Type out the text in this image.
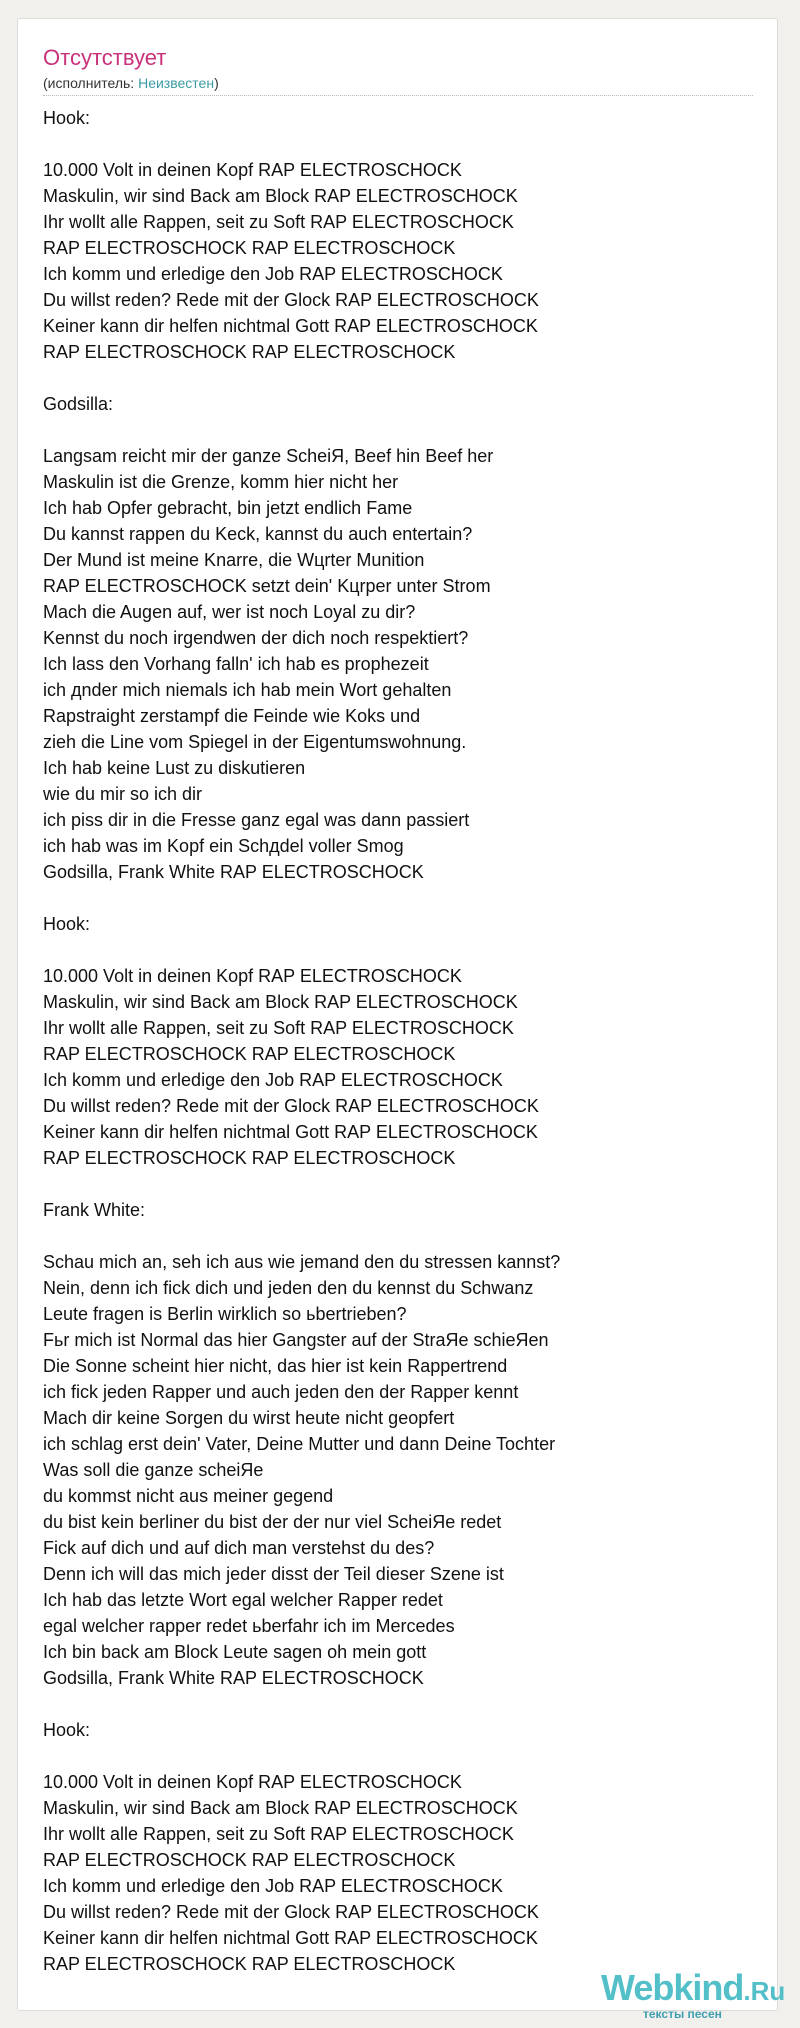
Отсутствует
(исполнитель: Неизвестен)
Hook:
10.000 Volt in deinen Kopf RAP ELECTROSCHOCK
Maskulin, wir sind Back am Block RAP ELECTROSCHOCK
Ihr wollt alle Rappen, seit zu Soft RAP ELECTROSCHOCK
RAP ELECTROSCHOCK RAP ELECTROSCHOCK
Ich komm und erledige den Job RAP ELECTROSCHOCK
Du willst reden? Rede mit der Glock RAP ELECTROSCHOCK
Keiner kann dir helfen nichtmal Gott RAP ELECTROSCHOCK
RAP ELECTROSCHOCK RAP ELECTROSCHOCK
Godsilla:
Langsam reicht mir der ganze ScheiЯ, Beef hin Beef her
Maskulin ist die Grenze, komm hier nicht her
Ich hab Opfer gebracht, bin jetzt endlich Fame
Du kannst rappen du Keck, kannst du auch entertain?
Der Mund ist meine Knarre, die Wцrter Munition
RAP ELECTROSCHOCK setzt dein' Kцrper unter Strom
Mach die Augen auf, wer ist noch Loyal zu dir?
Kennst du noch irgendwen der dich noch respektiert?
Ich lass den Vorhang falln' ich hab es prophezeit
ich дnder mich niemals ich hab mein Wort gehalten
Rapstraight zerstampf die Feinde wie Koks und
zieh die Line vom Spiegel in der Eigentumswohnung.
Ich hab keine Lust zu diskutieren
wie du mir so ich dir
ich piss dir in die Fresse ganz egal was dann passiert
ich hab was im Kopf ein Schдdel voller Smog
Godsilla, Frank White RAP ELECTROSCHOCK
Hook:
10.000 Volt in deinen Kopf RAP ELECTROSCHOCK
Maskulin, wir sind Back am Block RAP ELECTROSCHOCK
Ihr wollt alle Rappen, seit zu Soft RAP ELECTROSCHOCK
RAP ELECTROSCHOCK RAP ELECTROSCHOCK
Ich komm und erledige den Job RAP ELECTROSCHOCK
Du willst reden? Rede mit der Glock RAP ELECTROSCHOCK
Keiner kann dir helfen nichtmal Gott RAP ELECTROSCHOCK
RAP ELECTROSCHOCK RAP ELECTROSCHOCK
Frank White:
Schau mich an, seh ich aus wie jemand den du stressen kannst?
Nein, denn ich fick dich und jeden den du kennst du Schwanz
Leute fragen is Berlin wirklich so ьbertrieben?
Fьr mich ist Normal das hier Gangster auf der StraЯe schieЯen
Die Sonne scheint hier nicht, das hier ist kein Rappertrend
ich fick jeden Rapper und auch jeden den der Rapper kennt
Mach dir keine Sorgen du wirst heute nicht geopfert
ich schlag erst dein' Vater, Deine Mutter und dann Deine Tochter
Was soll die ganze scheiЯe
du kommst nicht aus meiner gegend
du bist kein berliner du bist der der nur viel ScheiЯe redet
Fick auf dich und auf dich man verstehst du des?
Denn ich will das mich jeder disst der Teil dieser Szene ist
Ich hab das letzte Wort egal welcher Rapper redet
egal welcher rapper redet ьberfahr ich im Mercedes
Ich bin back am Block Leute sagen oh mein gott
Godsilla, Frank White RAP ELECTROSCHOCK
Hook:
10.000 Volt in deinen Kopf RAP ELECTROSCHOCK
Maskulin, wir sind Back am Block RAP ELECTROSCHOCK
Ihr wollt alle Rappen, seit zu Soft RAP ELECTROSCHOCK
RAP ELECTROSCHOCK RAP ELECTROSCHOCK
Ich komm und erledige den Job RAP ELECTROSCHOCK
Du willst reden? Rede mit der Glock RAP ELECTROSCHOCK
Keiner kann dir helfen nichtmal Gott RAP ELECTROSCHOCK
RAP ELECTROSCHOCK RAP ELECTROSCHOCK
Webkind.Ru
тексты песен
